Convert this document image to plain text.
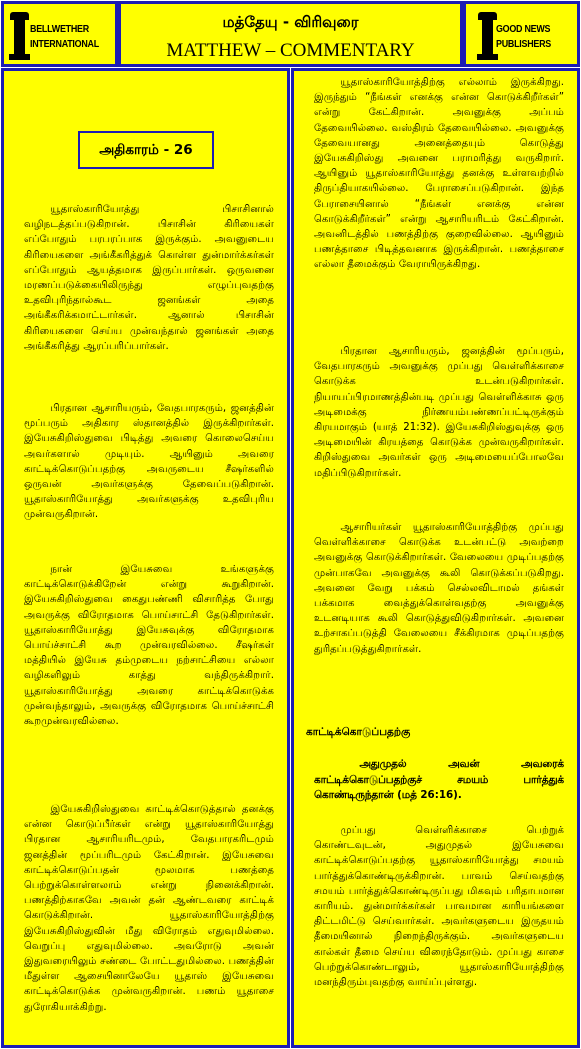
BELLWETHER
INTERNATIONAL
மத்தேயு - விரிவுரை
MATTHEW – COMMENTARY
GOOD NEWS
PUBLISHERS
அதிகாரம் - 26

யூதாஸ்காரியோத்து பிசாசினால் வழிநடத்தப்படுகிறான். பிசாசின் கிரியைகள் எப்போதும் பரபரப்பாக இருக்கும். அவனுடைய கிரியைகளை அங்கீகரித்துக் கொள்ள துன்மார்க்கர்கள் எப்போதும் ஆயத்தமாக இருப்பார்கள். ஒருவனை மரணப்படுக்கையிலிருந்து எழுப்புவதற்கு உதவிபுரிந்தால்கூட ஜனங்கள் அதை அங்கீகரிக்கமாட்டார்கள். ஆனால் பிசாசின் கிரியைகளை செய்ய முன்வந்தால் ஜனங்கள் அதை அங்கீகரித்து ஆரப்பரிப்பார்கள்.

பிரதான ஆசாரியரும், வேதபாரகரும், ஜனத்தின் மூப்பரும் அதிகார ஸ்தானத்தில் இருக்கிறார்கள். இயேசுகிறிஸ்துவை பிடித்து அவரை கொலைசெய்ய அவர்களால் முடியும். ஆயினும் அவரை காட்டிக்கொடுப்பதற்கு அவருடைய சீஷர்களில் ஒருவன் அவர்களுக்கு தேவைப்படுகிறான். யூதாஸ்காரியோத்து அவர்களுக்கு உதவிபுரிய முன்வருகிறான்.

நான் இயேசுவை உங்களுக்கு காட்டிக்கொடுக்கிறேன் என்று கூறுகிறான். இயேசுகிறிஸ்துவை கைதுபண்ணி விசாரித்த போது அவருக்கு விரோதமாக பொய்சாட்சி தேடுகிறார்கள். யூதாஸ்காரியோத்து இயேசுவுக்கு விரோதமாக பொய்ச்சாட்சி கூற முன்வரவில்லை. சீஷர்கள் மத்தியில் இயேசு தம்முடைய நற்சாட்சியை எல்லா வழிகளிலும் காத்து வந்திருக்கிறார். யூதாஸ்காரியோத்து அவரை காட்டிக்கொடுக்க முன்வந்தாலும், அவருக்கு விரோதமாக பொய்ச்சாட்சி கூறமுன்வரவில்லை.

இயேசுகிறிஸ்துவை காட்டிக்கொடுத்தால் தனக்கு என்ன கொடுப்பீர்கள் என்று யூதாஸ்காரியோத்து பிரதான ஆசாரியரிடமும், வேதபாரகரிடமும் ஜனத்தின் மூப்பரிடமும் கேட்கிறான். இயேசுவை காட்டிக்கொடுப்பதன் மூலமாக பணத்தை பெற்றுக்கொள்ளலாம் என்று நினைக்கிறான். பணத்திற்காகவே அவன் தன் ஆண்டவரை காட்டிக் கொடுக்கிறான். யூதாஸ்காரியோத்திற்கு இயேசுகிறிஸ்துவின் மீது விரோதம் எதுவுமில்லை. வெறுப்பு எதுவுமில்லை. அவரோடு அவன் இதுவரையிலும் சண்டை போட்டதுமில்லை. பணத்தின் மீதுள்ள ஆசையினாலேயே யூதாஸ் இயேசுவை காட்டிக்கொடுக்க முன்வருகிறான். பணம் யூதாசை துரோகியாக்கிற்று.

யூதாஸ்காரியோத்திற்கு எல்லாம் இருக்கிறது. இருந்தும் “நீங்கள் எனக்கு என்ன கொடுக்கிறீர்கள்” என்று கேட்கிறான். அவனுக்கு அப்பம் தேவையில்லை. வஸ்திரம் தேவையில்லை. அவனுக்கு தேவையானது அனைத்தையும் கொடுத்து இயேசுகிறிஸ்து அவனை பராமரித்து வருகிறார். ஆயினும் யூதாஸ்காரியோத்து தனக்கு உள்ளவற்றில் திருப்தியாகயில்லை. பேராசைப்படுகிறான். இந்த பேராசையினால் “நீங்கள் எனக்கு என்ன கொடுக்கிறீர்கள்” என்று ஆசாரியரிடம் கேட்கிறான். அவனிடத்தில் பணத்திற்கு குறைவில்லை. ஆயினும் பணத்தாசை பிடித்தவனாக இருக்கிறான். பணத்தாசை எல்லா தீமைக்கும் வேராயிருக்கிறது.

பிரதான ஆசாரியரும், ஜனத்தின் மூப்பரும், வேதபாரகரும் அவனுக்கு முப்பது வெள்ளிக்காசை கொடுக்க உடன்படுகிறார்கள். நியாயப்பிரமாணத்தின்படி முப்பது வெள்ளிக்காசு ஒரு அடிமைக்கு நிர்ணயம்பண்ணப்பட்டிருக்கும் கிரயமாகும் (யாத் 21:32). இயேசுகிறிஸ்துவுக்கு ஒரு அடிமையின் கிரயத்தை கொடுக்க முன்வருகிறார்கள். கிறிஸ்துவை அவர்கள் ஒரு அடிமையைப்போலவே மதிப்பிடுகிறார்கள்.

ஆசாரியர்கள் யூதாஸ்காரியோத்திற்கு முப்பது வெள்ளிக்காசை கொடுக்க உடன்பட்டு அவற்றை அவனுக்கு கொடுக்கிறார்கள். வேலையை முடிப்பதற்கு முன்பாகவே அவனுக்கு கூலி கொடுக்கப்படுகிறது. அவனை வேறு பக்கம் செல்லவிடாமல் தங்கள் பக்கமாக வைத்துக்கொள்வதற்கு அவனுக்கு உடனடியாக கூலி கொடுத்துவிடுகிறார்கள். அவனை உற்சாகப்படுத்தி வேலையை சீக்கிரமாக முடிப்பதற்கு துரிதப்படுத்துகிறார்கள்.

காட்டிக்கொடுப்பதற்கு

அதுமுதல் அவன் அவரைக் காட்டிக்கொடுப்பதற்குச் சமயம் பார்த்துக் கொண்டிருந்தான் (மத் 26:16).

முப்பது வெள்ளிக்காசை பெற்றுக் கொண்டவுடன், அதுமுதல் இயேசுவை காட்டிக்கொடுப்பதற்கு யூதாஸ்காரியோத்து சமயம் பார்த்துக்கொண்டிருக்கிறான். பாவம் செய்வதற்கு சமயம் பார்த்துக்கொண்டிருப்பது மிகவும் பரிதாபமான காரியம். துன்மார்க்கர்கள் பாவமான காரியங்களை திட்டமிட்டு செய்வார்கள். அவர்களுடைய இருதயம் தீமையினால் நிறைந்திருக்கும். அவர்களுடைய கால்கள் தீமை செய்ய விரைந்தோடும். முப்பது காசை பெற்றுக்கொண்டாலும், யூதாஸ்காரியோத்திற்கு மனந்திரும்புவதற்கு வாய்ப்புள்ளது.
